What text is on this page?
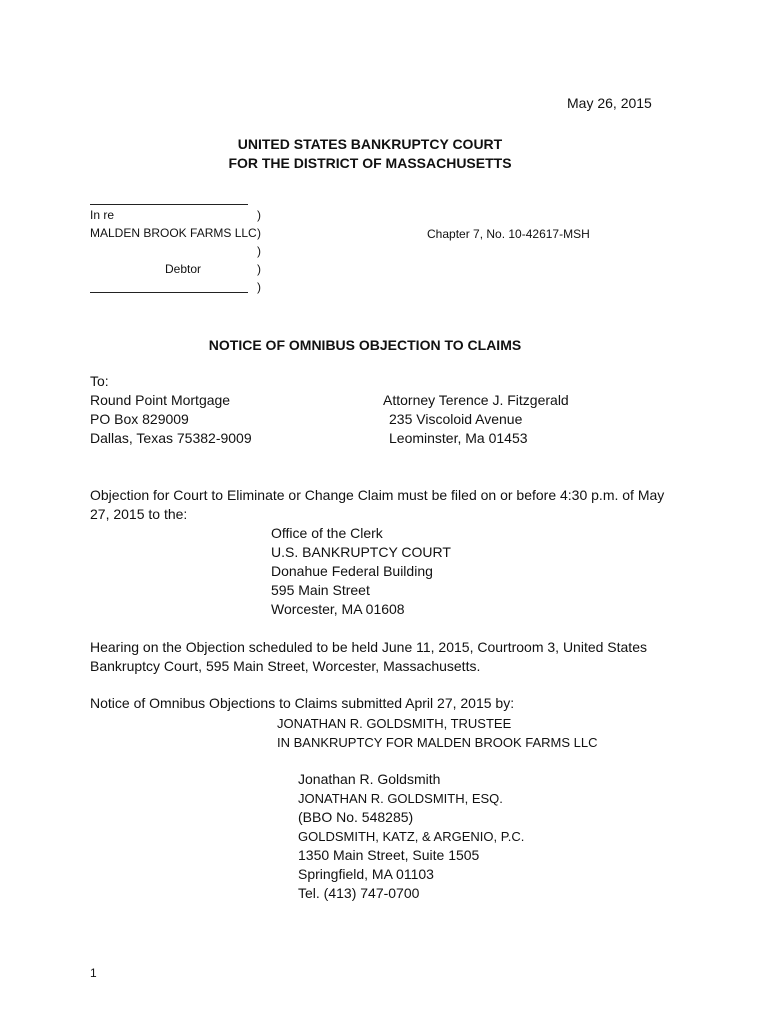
May 26, 2015
UNITED STATES BANKRUPTCY COURT
FOR THE DISTRICT OF MASSACHUSETTS
In re
MALDEN BROOK FARMS LLC
Debtor
)
)
)
)
)
Chapter 7, No. 10-42617-MSH
NOTICE OF OMNIBUS OBJECTION TO CLAIMS
To:
Round Point Mortgage
PO Box 829009
Dallas, Texas 75382-9009
Attorney Terence J. Fitzgerald
235 Viscoloid Avenue
Leominster, Ma 01453
Objection for Court to Eliminate or Change Claim must be filed on or before 4:30 p.m. of May
27, 2015 to the:
Office of the Clerk
U.S. BANKRUPTCY COURT
Donahue Federal Building
595 Main Street
Worcester, MA 01608
Hearing on the Objection scheduled to be held June 11, 2015, Courtroom 3, United States
Bankruptcy Court, 595 Main Street, Worcester, Massachusetts.
Notice of Omnibus Objections to Claims submitted April 27, 2015 by:
JONATHAN R. GOLDSMITH, TRUSTEE
IN BANKRUPTCY FOR MALDEN BROOK FARMS LLC
Jonathan R. Goldsmith
JONATHAN R. GOLDSMITH, ESQ.
(BBO No. 548285)
GOLDSMITH, KATZ, & ARGENIO, P.C.
1350 Main Street, Suite 1505
Springfield, MA 01103
Tel. (413) 747-0700
1
